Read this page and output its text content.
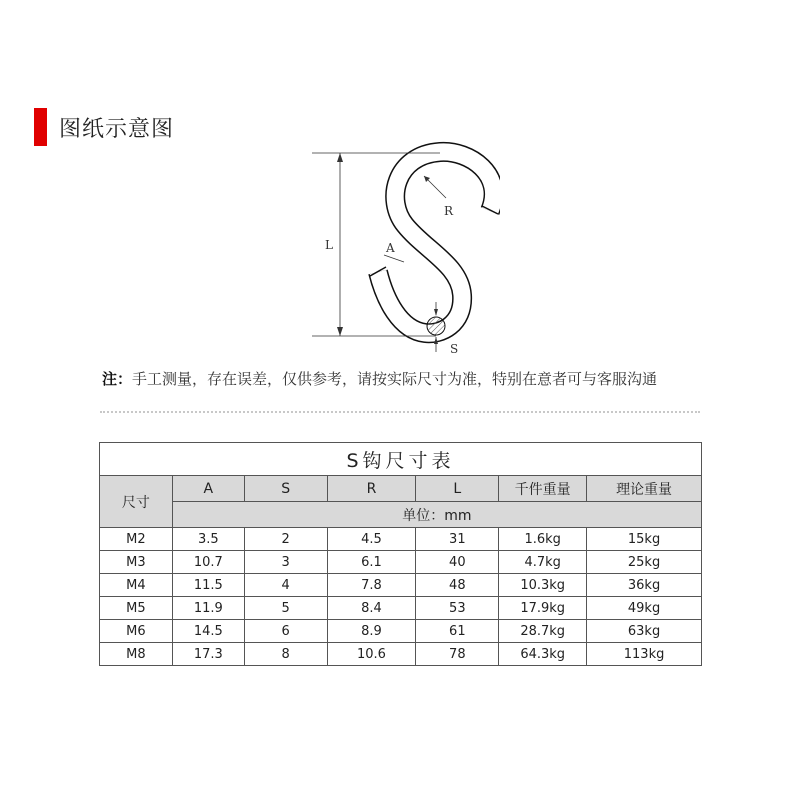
图纸示意图
L
R
A
S
注：手工测量，存在误差，仅供参考，请按实际尺寸为准，特别在意者可与客服沟通
S钩尺寸表						
尺寸	A	S	R	L	千件重量	理论重量
	单位：mm					
M2	3.5	2	4.5	31	1.6kg	15kg
M3	10.7	3	6.1	40	4.7kg	25kg
M4	11.5	4	7.8	48	10.3kg	36kg
M5	11.9	5	8.4	53	17.9kg	49kg
M6	14.5	6	8.9	61	28.7kg	63kg
M8	17.3	8	10.6	78	64.3kg	113kg
